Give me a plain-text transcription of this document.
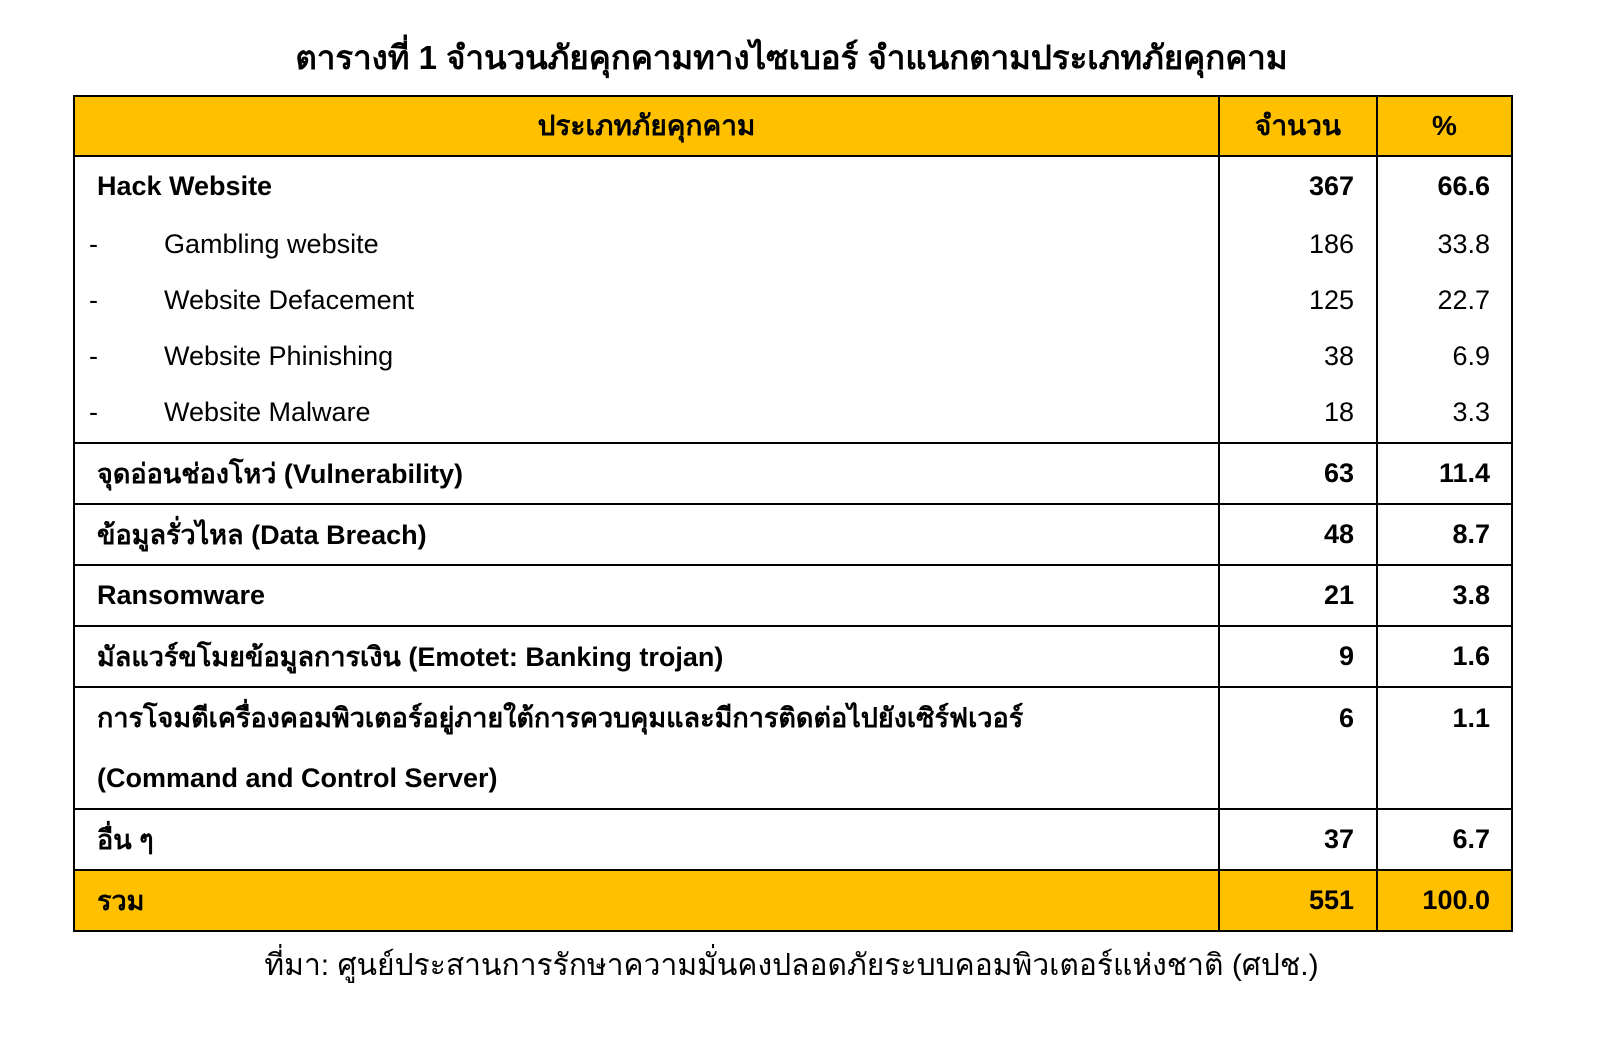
ตารางที่ 1 จำนวนภัยคุกคามทางไซเบอร์ จำแนกตามประเภทภัยคุกคาม
ประเภทภัยคุกคาม	จำนวน	%
Hack Website	367	66.6
- Gambling website	186	33.8
- Website Defacement	125	22.7
- Website Phinishing	38	6.9
- Website Malware	18	3.3
จุดอ่อนช่องโหว่ (Vulnerability)	63	11.4
ข้อมูลรั่วไหล (Data Breach)	48	8.7
Ransomware	21	3.8
มัลแวร์ขโมยข้อมูลการเงิน (Emotet: Banking trojan)	9	1.6

การโจมตีเครื่องคอมพิวเตอร์อยู่ภายใต้การควบคุมและมีการติดต่อไปยังเซิร์ฟเวอร์
(Command and Control Server)	6	1.1
อื่น ๆ	37	6.7
รวม	551	100.0
ที่มา: ศูนย์ประสานการรักษาความมั่นคงปลอดภัยระบบคอมพิวเตอร์แห่งชาติ (ศปช.)
